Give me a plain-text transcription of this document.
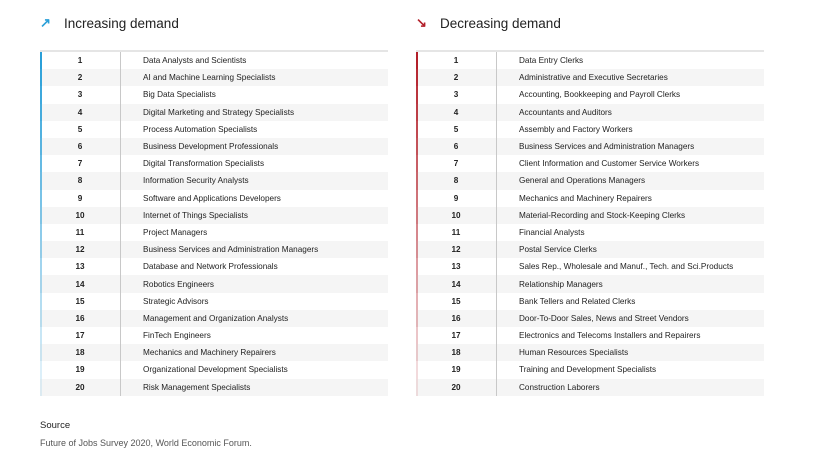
↗ Increasing demand
1	Data Analysts and Scientists
2	AI and Machine Learning Specialists
3	Big Data Specialists
4	Digital Marketing and Strategy Specialists
5	Process Automation Specialists
6	Business Development Professionals
7	Digital Transformation Specialists
8	Information Security Analysts
9	Software and Applications Developers
10	Internet of Things Specialists
11	Project Managers
12	Business Services and Administration Managers
13	Database and Network Professionals
14	Robotics Engineers
15	Strategic Advisors
16	Management and Organization Analysts
17	FinTech Engineers
18	Mechanics and Machinery Repairers
19	Organizational Development Specialists
20	Risk Management Specialists
↘ Decreasing demand
1	Data Entry Clerks
2	Administrative and Executive Secretaries
3	Accounting, Bookkeeping and Payroll Clerks
4	Accountants and Auditors
5	Assembly and Factory Workers
6	Business Services and Administration Managers
7	Client Information and Customer Service Workers
8	General and Operations Managers
9	Mechanics and Machinery Repairers
10	Material-Recording and Stock-Keeping Clerks
11	Financial Analysts
12	Postal Service Clerks
13	Sales Rep., Wholesale and Manuf., Tech. and Sci.Products
14	Relationship Managers
15	Bank Tellers and Related Clerks
16	Door-To-Door Sales, News and Street Vendors
17	Electronics and Telecoms Installers and Repairers
18	Human Resources Specialists
19	Training and Development Specialists
20	Construction Laborers
Source
Future of Jobs Survey 2020, World Economic Forum.
